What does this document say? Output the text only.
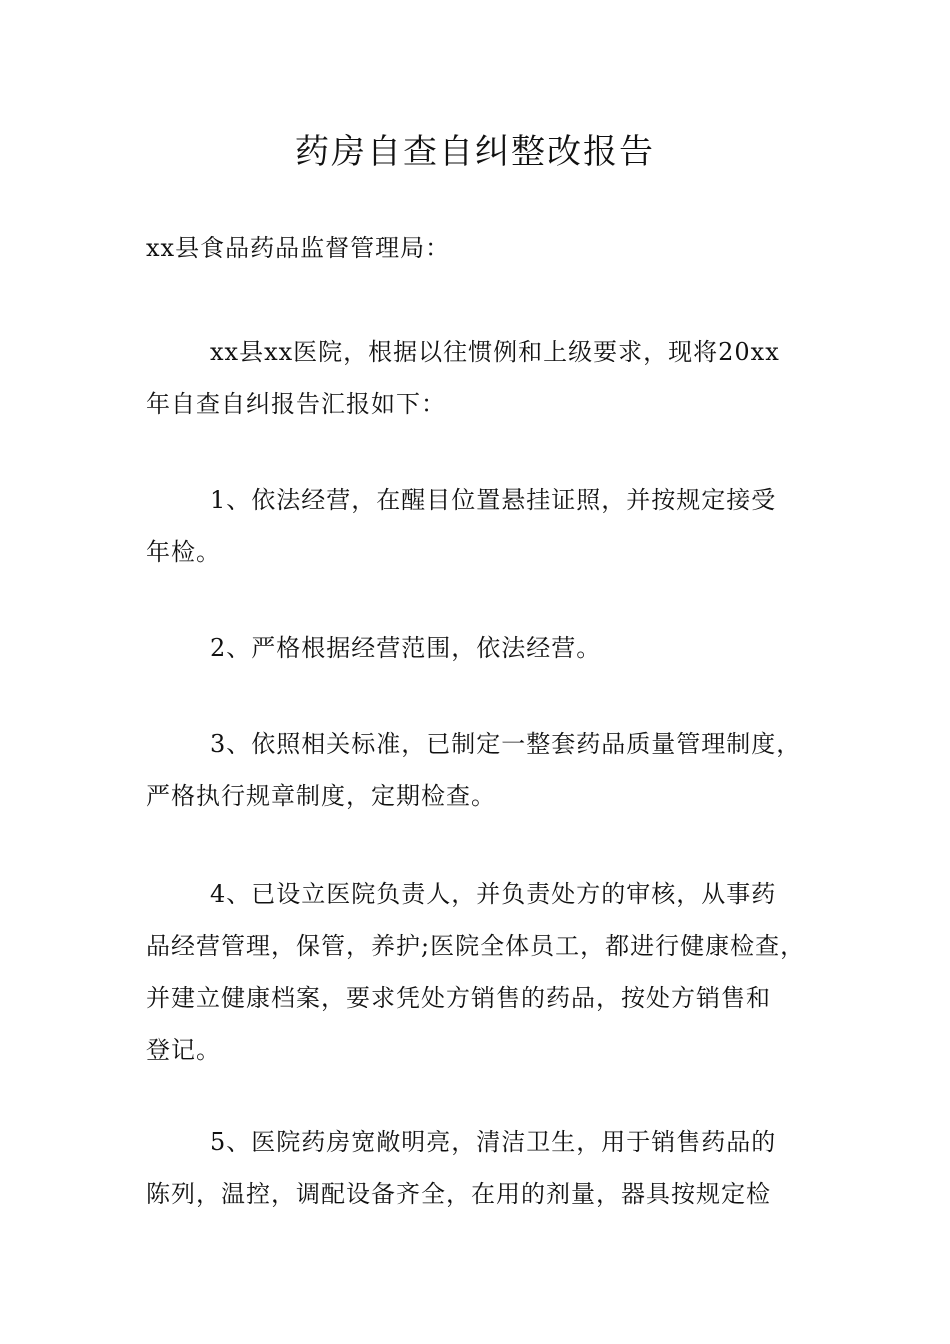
药房自查自纠整改报告
xx县食品药品监督管理局：
xx县xx医院，根据以往惯例和上级要求，现将20xx
年自查自纠报告汇报如下：
1、依法经营，在醒目位置悬挂证照，并按规定接受
年检。
2、严格根据经营范围，依法经营。
3、依照相关标准，已制定一整套药品质量管理制度，
严格执行规章制度，定期检查。
4、已设立医院负责人，并负责处方的审核，从事药
品经营管理，保管，养护;医院全体员工，都进行健康检查，
并建立健康档案，要求凭处方销售的药品，按处方销售和
登记。
5、医院药房宽敞明亮，清洁卫生，用于销售药品的
陈列，温控，调配设备齐全，在用的剂量，器具按规定检
